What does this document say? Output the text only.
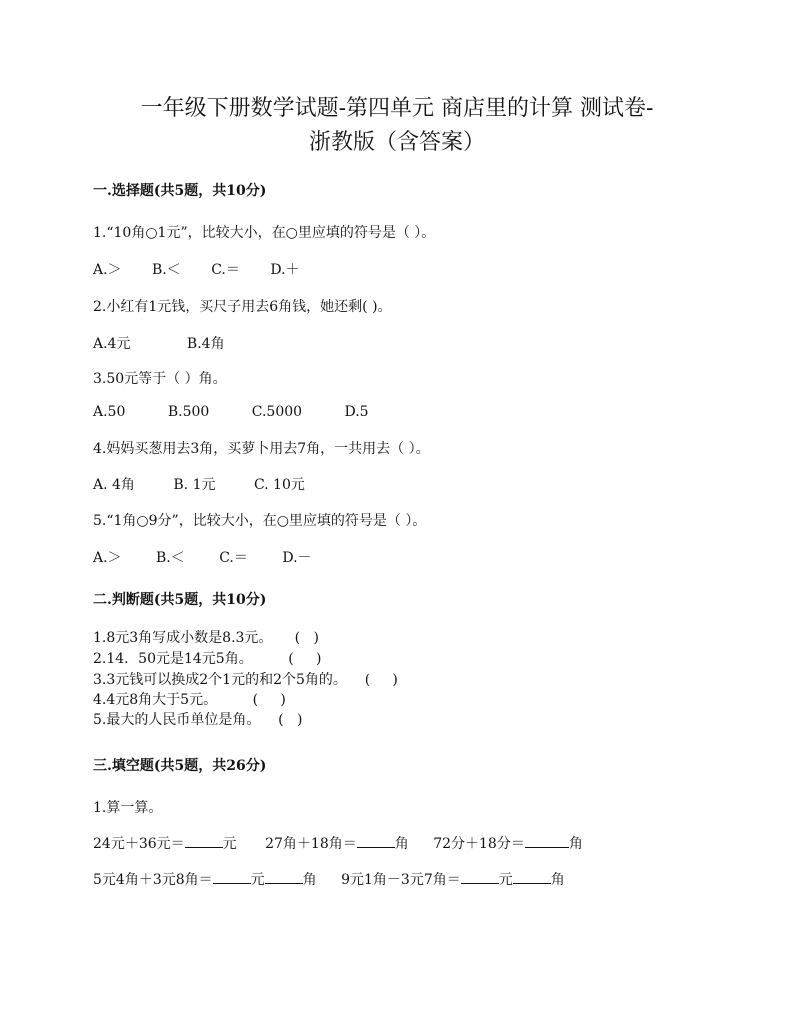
一年级下册数学试题-第四单元 商店里的计算 测试卷-
浙教版（含答案）
一.选择题(共5题，共10分)
1.“10角○1元”，比较大小，在○里应填的符号是（ ）。
A.＞ B.＜ C.＝ D.＋
2.小红有1元钱，买尺子用去6角钱，她还剩( )。
A.4元	B.4角
3.50元等于（ ）角。
A.50	B.500	C.5000	D.5
4.妈妈买葱用去3角，买萝卜用去7角，一共用去（ ）。
A. 4角	B. 1元	C. 10元
5.“1角○9分”，比较大小，在○里应填的符号是（ ）。
A.＞ B.＜ C.＝ D.－
二.判断题(共5题，共10分)
1.8元3角写成小数是8.3元。     (   )
2.14．50元是14元5角。        (     )
3.3元钱可以换成2个1元的和2个5角的。    (     )
4.4元8角大于5元。        (     )
5.最大的人民币单位是角。    (   )
三.填空题(共5题，共26分)
1.算一算。
24元＋36元＝	元 27角＋18角＝	角 72分＋18分＝	角
5元4角＋3元8角＝	元	角 9元1角－3元7角＝	元	角
